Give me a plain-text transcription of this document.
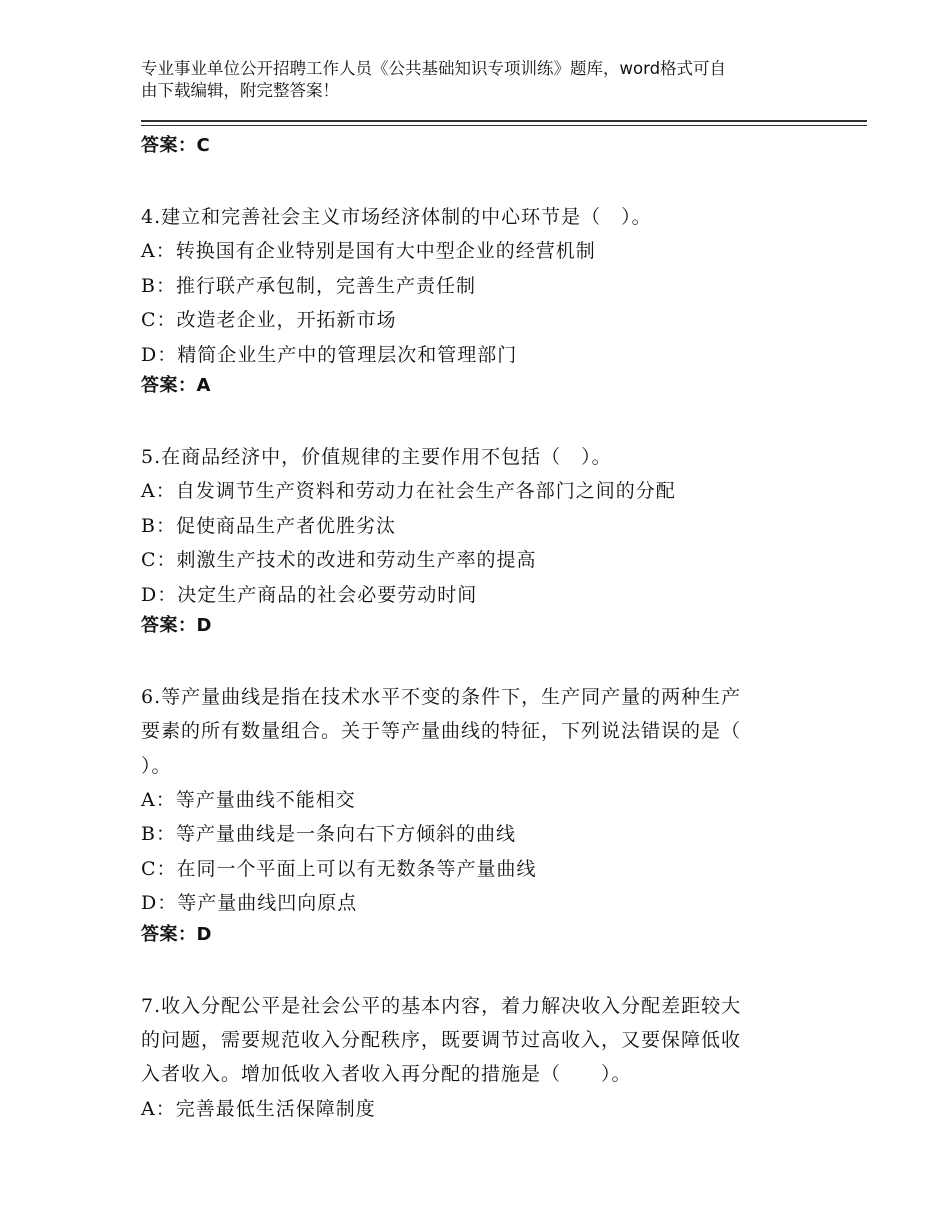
专业事业单位公开招聘工作人员《公共基础知识专项训练》题库，word格式可自
由下载编辑，附完整答案！
答案：C
4.建立和完善社会主义市场经济体制的中心环节是（　）。
A：转换国有企业特别是国有大中型企业的经营机制
B：推行联产承包制，完善生产责任制
C：改造老企业，开拓新市场
D：精简企业生产中的管理层次和管理部门
答案：A
5.在商品经济中，价值规律的主要作用不包括（　）。
A：自发调节生产资料和劳动力在社会生产各部门之间的分配
B：促使商品生产者优胜劣汰
C：刺激生产技术的改进和劳动生产率的提高
D：决定生产商品的社会必要劳动时间
答案：D
6.等产量曲线是指在技术水平不变的条件下，生产同产量的两种生产
要素的所有数量组合。关于等产量曲线的特征，下列说法错误的是（
）。
A：等产量曲线不能相交
B：等产量曲线是一条向右下方倾斜的曲线
C：在同一个平面上可以有无数条等产量曲线
D：等产量曲线凹向原点
答案：D
7.收入分配公平是社会公平的基本内容，着力解决收入分配差距较大
的问题，需要规范收入分配秩序，既要调节过高收入，又要保障低收
入者收入。增加低收入者收入再分配的措施是（　　）。
A：完善最低生活保障制度
